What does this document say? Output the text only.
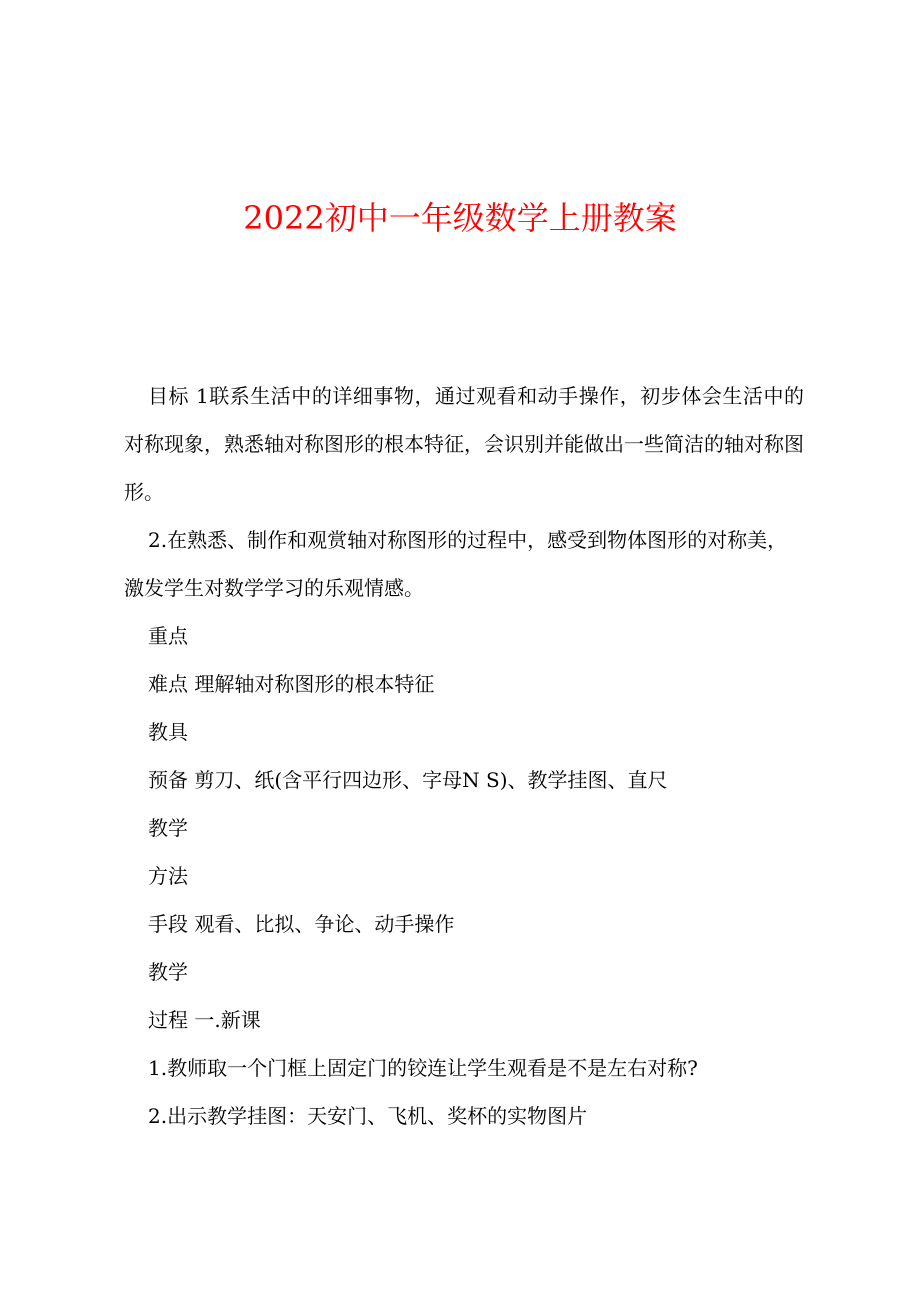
2022初中一年级数学上册教案

目标 1联系生活中的详细事物，通过观看和动手操作，初步体会生活中的对称现象，熟悉轴对称图形的根本特征，会识别并能做出一些简洁的轴对称图形。

2.在熟悉、制作和观赏轴对称图形的过程中，感受到物体图形的对称美，激发学生对数学学习的乐观情感。

重点

难点 理解轴对称图形的根本特征

教具

预备 剪刀、纸(含平行四边形、字母N S)、教学挂图、直尺

教学

方法

手段 观看、比拟、争论、动手操作

教学

过程 一.新课

1.教师取一个门框上固定门的铰连让学生观看是不是左右对称?

2.出示教学挂图：天安门、飞机、奖杯的实物图片
